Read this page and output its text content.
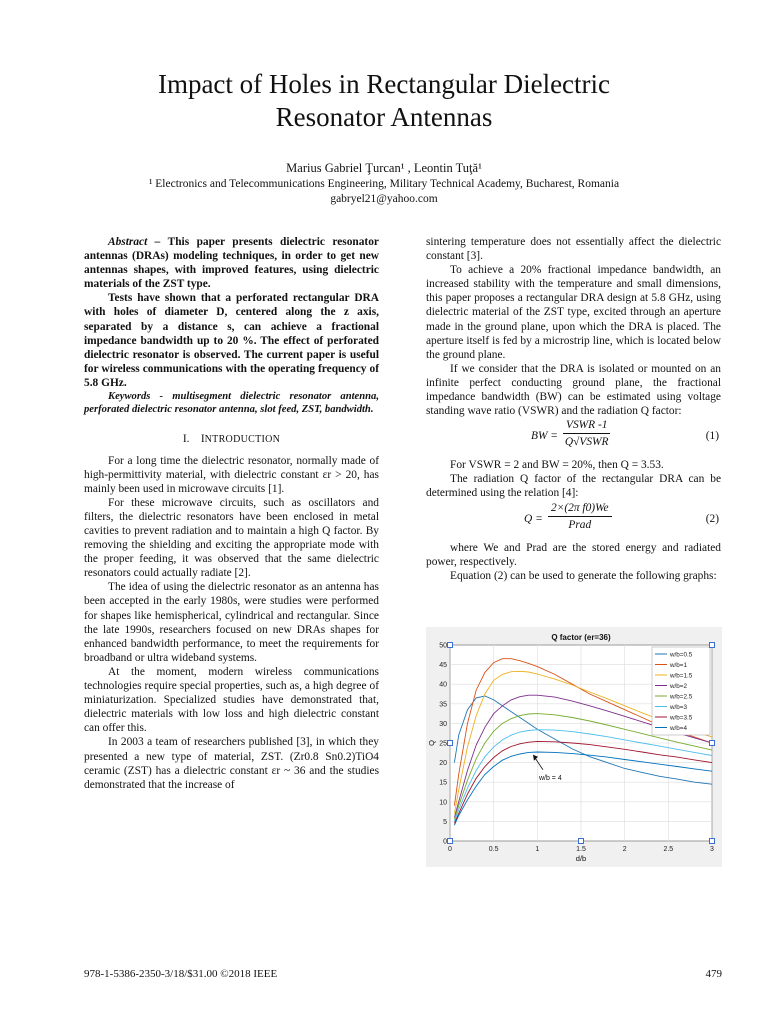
Impact of Holes in Rectangular Dielectric
Resonator Antennas
Marius Gabriel Ţurcan¹ , Leontin Tuţă¹
¹ Electronics and Telecommunications Engineering, Military Technical Academy, Bucharest, Romania
gabryel21@yahoo.com

Abstract – This paper presents dielectric resonator antennas (DRAs) modeling techniques, in order to get new antennas shapes, with improved features, using dielectric materials of the ZST type.

Tests have shown that a perforated rectangular DRA with holes of diameter D, centered along the z axis, separated by a distance s, can achieve a fractional impedance bandwidth up to 20 %. The effect of perforated dielectric resonator is observed. The current paper is useful for wireless communications with the operating frequency of 5.8 GHz.

Keywords - multisegment dielectric resonator antenna, perforated dielectric resonator antenna, slot feed, ZST, bandwidth.

I. INTRODUCTION

For a long time the dielectric resonator, normally made of high-permittivity material, with dielectric constant εr > 20, has mainly been used in microwave circuits [1].

For these microwave circuits, such as oscillators and filters, the dielectric resonators have been enclosed in metal cavities to prevent radiation and to maintain a high Q factor. By removing the shielding and exciting the appropriate mode with the proper feeding, it was observed that the same dielectric resonators could actually radiate [2].

The idea of using the dielectric resonator as an antenna has been accepted in the early 1980s, were studies were performed for shapes like hemispherical, cylindrical and rectangular. Since the late 1990s, researchers focused on new DRAs shapes for enhanced bandwidth performance, to meet the requirements for broadband or ultra wideband systems.

At the moment, modern wireless communications technologies require special properties, such as, a high degree of miniaturization. Specialized studies have demonstrated that, dielectric materials with low loss and high dielectric constant can offer this.

In 2003 a team of researchers published [3], in which they presented a new type of material, ZST. (Zr0.8 Sn0.2)TiO4 ceramic (ZST) has a dielectric constant εr ~ 36 and the studies demonstrated that the increase of

sintering temperature does not essentially affect the dielectric constant [3].

To achieve a 20% fractional impedance bandwidth, an increased stability with the temperature and small dimensions, this paper proposes a rectangular DRA design at 5.8 GHz, using dielectric material of the ZST type, excited through an aperture made in the ground plane, upon which the DRA is placed. The aperture itself is fed by a microstrip line, which is located below the ground plane.

If we consider that the DRA is isolated or mounted on an infinite perfect conducting ground plane, the fractional impedance bandwidth (BW) can be estimated using voltage standing wave ratio (VSWR) and the radiation Q factor:

BW =
VSWR -1
Q√VSWR	(1)

For VSWR = 2 and BW = 20%, then Q = 3.53.

The radiation Q factor of the rectangular DRA can be determined using the relation [4]:

Q =
2×(2π f0)We
Prad	(2)

where We and Prad are the stored energy and radiated power, respectively.

Equation (2) can be used to generate the following graphs:

0	0.5	1	1.5	2	2.5	3
0
5
10
15
20
25
30
35
40
45
50
Q factor (er=36)
d/b
Q
w/b=0.5
w/b=1
w/b=1.5
w/b=2
w/b=2.5
w/b=3
w/b=3.5
w/b=4
w/b = 4
978-1-5386-2350-3/18/$31.00 ©2018 IEEE	479
